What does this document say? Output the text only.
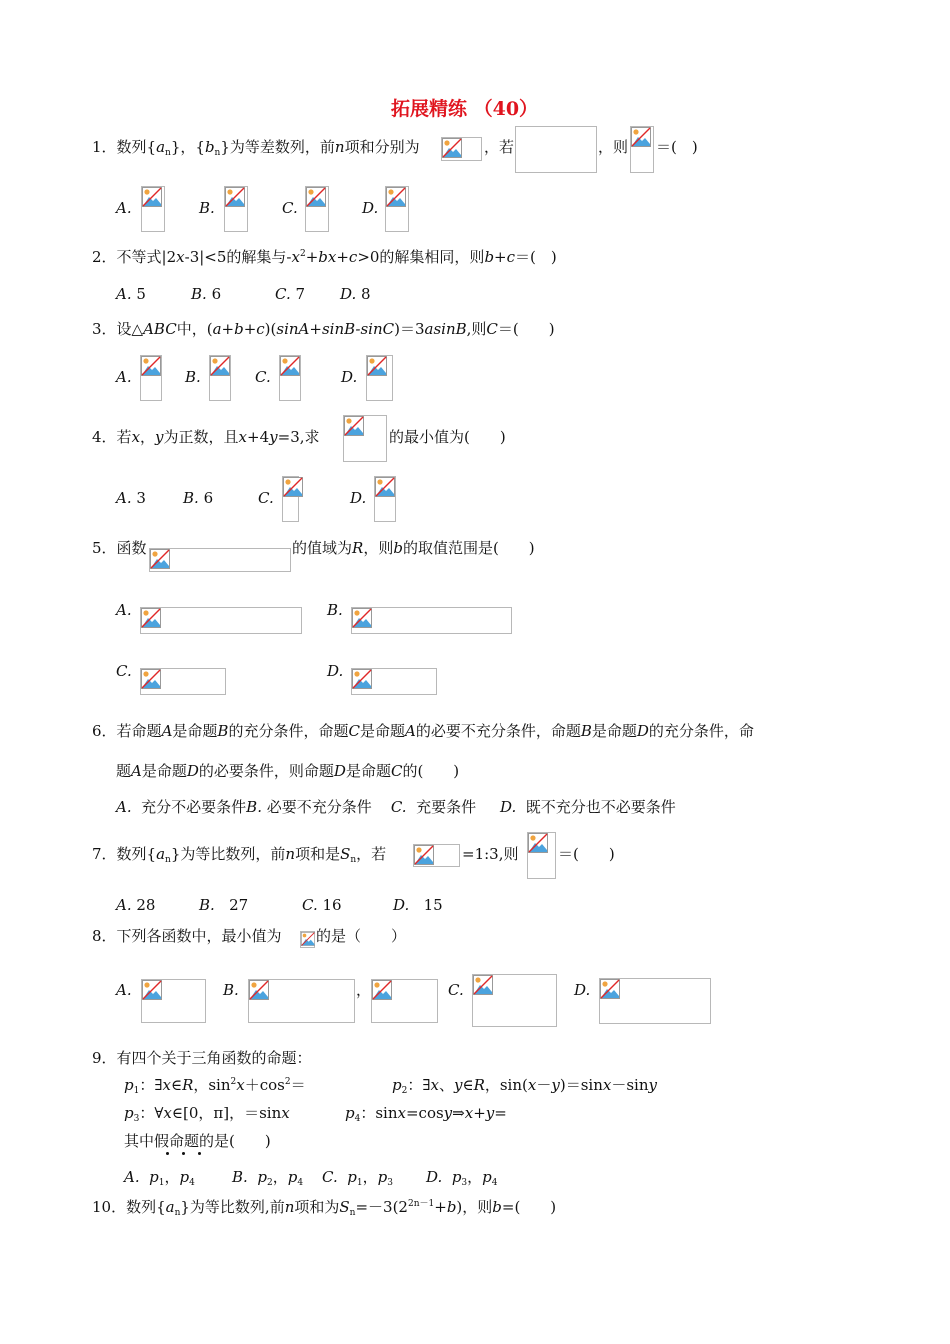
拓展精练 （40）
1．数列$\{a_n\}$，$\{b_n\}$为等差数列，前n项和分别为	，若	，则 ＝(　)
A.	B.	C.	D.
2．不等式|2x-3|<5的解集与$-x^2+bx+c>0$的解集相同，则b+c＝(　)
A. 5	B. 6	C. 7 D. 8
3．设△ABC中，(a+b+c)(sinA+sinB-sinC)＝3asinB,则C＝(　　)
A.	B.	C.	D.
4．若x，y为正数，且x+4y=3,求	的最小值为(　　)
A. 3 B. 6	C.	D.
5．函数	的值域为R，则b的取值范围是(　　)
A.	B.
C.	D.
6．若命题A是命题B的充分条件，命题C是命题A的必要不充分条件，命题B是命题D的充分条件，命
题A是命题D的必要条件，则命题D是命题C的(　　)
A. 充分不必要条件B. 必要不充分条件 C. 充要条件 D. 既不充分也不必要条件
7．数列$\{a_n\}$为等比数列，前n项和是$S_n$，若	=1:3,则	＝(　　)
A. 28	B. 27	C. 16	D. 15
8．下列各函数中，最小值为 的是（　　）
A.	B.	，	C.	D.
9．有四个关于三角函数的命题：
$p_1$：∃x∈R，$\sin^2x+\cos^2=$	$p_2$：∃x、y∈R，sin(x－y)＝sinx－siny
$p_3$：∀x∈[0，π]，＝sinx	$p_4$：sinx=cosy⇒x+y=
其中假命题的是(　　)
A. $p_1$，$p_4$ B. $p_2$，$p_4$ C. $p_1$，$p_3$ D. $p_3$，$p_4$
10．数列$\{a_n\}$为等比数列,前n项和为$S_n=-3(2^{2n-1}+b)$，则b=(　　)
